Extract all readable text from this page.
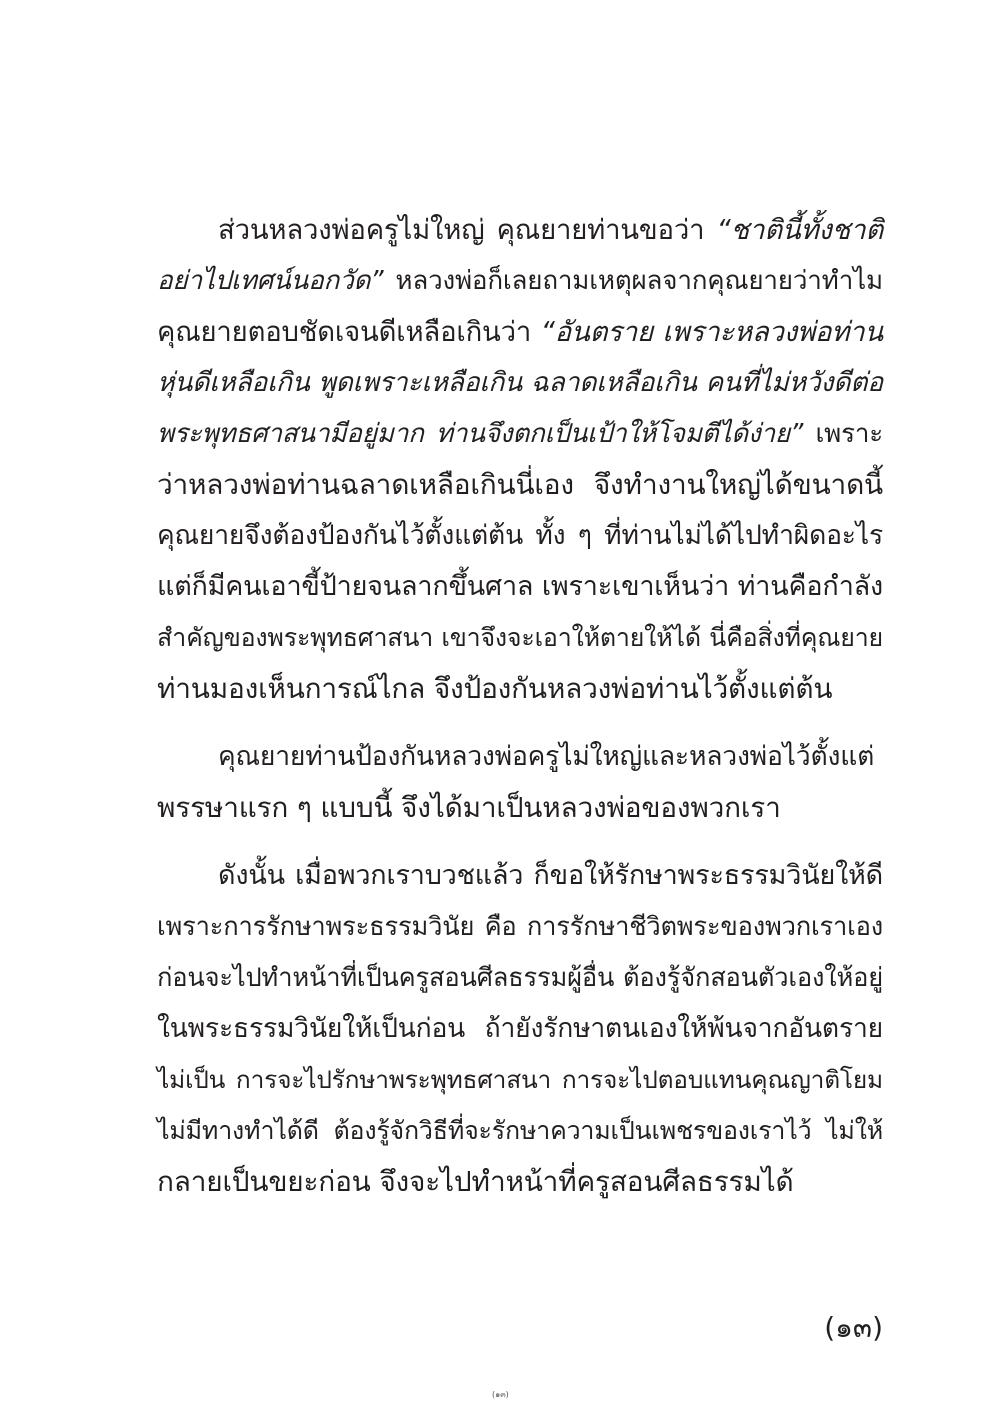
ส่วนหลวงพ่อครูไม่ใหญ่ คุณยายท่านขอว่า “ชาตินี้ทั้งชาติ
อย่าไปเทศน์นอกวัด” หลวงพ่อก็เลยถามเหตุผลจากคุณยายว่าทำไม
คุณยายตอบชัดเจนดีเหลือเกินว่า “อันตราย เพราะหลวงพ่อท่าน
หุ่นดีเหลือเกิน พูดเพราะเหลือเกิน ฉลาดเหลือเกิน คนที่ไม่หวังดีต่อ
พระพุทธศาสนามีอยู่มาก ท่านจึงตกเป็นเป้าให้โจมตีได้ง่าย” เพราะ
ว่าหลวงพ่อท่านฉลาดเหลือเกินนี่เอง จึงทำงานใหญ่ได้ขนาดนี้
คุณยายจึงต้องป้องกันไว้ตั้งแต่ต้น ทั้ง ๆ ที่ท่านไม่ได้ไปทำผิดอะไร
แต่ก็มีคนเอาขี้ป้ายจนลากขึ้นศาล เพราะเขาเห็นว่า ท่านคือกำลัง
สำคัญของพระพุทธศาสนา เขาจึงจะเอาให้ตายให้ได้ นี่คือสิ่งที่คุณยาย
ท่านมองเห็นการณ์ไกล จึงป้องกันหลวงพ่อท่านไว้ตั้งแต่ต้น
คุณยายท่านป้องกันหลวงพ่อครูไม่ใหญ่และหลวงพ่อไว้ตั้งแต่
พรรษาแรก ๆ แบบนี้ จึงได้มาเป็นหลวงพ่อของพวกเรา
ดังนั้น เมื่อพวกเราบวชแล้ว ก็ขอให้รักษาพระธรรมวินัยให้ดี
เพราะการรักษาพระธรรมวินัย คือ การรักษาชีวิตพระของพวกเราเอง
ก่อนจะไปทำหน้าที่เป็นครูสอนศีลธรรมผู้อื่น ต้องรู้จักสอนตัวเองให้อยู่
ในพระธรรมวินัยให้เป็นก่อน ถ้ายังรักษาตนเองให้พ้นจากอันตราย
ไม่เป็น การจะไปรักษาพระพุทธศาสนา การจะไปตอบแทนคุณญาติโยม
ไม่มีทางทำได้ดี ต้องรู้จักวิธีที่จะรักษาความเป็นเพชรของเราไว้ ไม่ให้
กลายเป็นขยะก่อน จึงจะไปทำหน้าที่ครูสอนศีลธรรมได้
(๑๓)
(๑๓)
